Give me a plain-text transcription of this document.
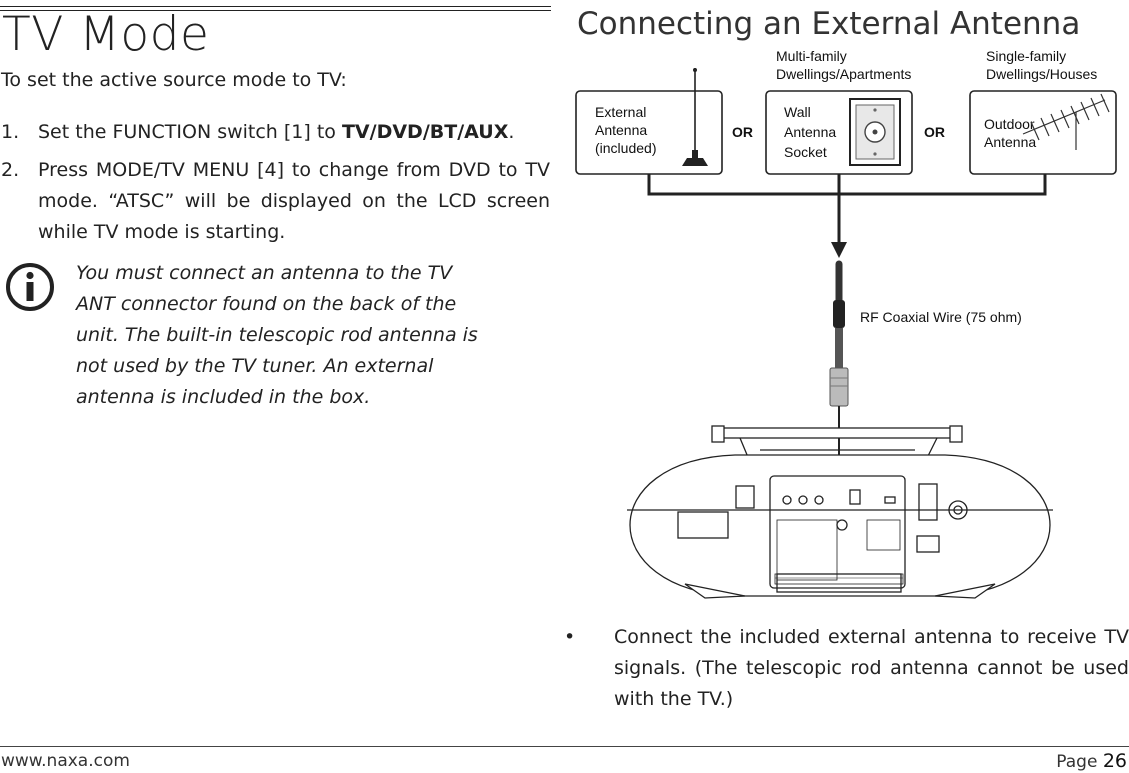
TV Mode
To set the active source mode to TV:
1. Set the FUNCTION switch [1] to TV/DVD/BT/AUX.
2. Press MODE/TV MENU [4] to change from DVD to TV mode. “ATSC” will be displayed on the LCD screen while TV mode is starting.
You must connect an antenna to the TV ANT connector found on the back of the unit. The built-in telescopic rod antenna is not used by the TV tuner. An external antenna is included in the box.
Connecting an External Antenna
Multi-family
Dwellings/Apartments
Single-family
Dwellings/Houses
External
Antenna
(included)
OR
Wall
Antenna
Socket
OR	Outdoor
Antenna
RF Coaxial Wire (75 ohm)
• Connect the included external antenna to receive TV signals. (The telescopic rod antenna cannot be used with the TV.)
www.naxa.com	Page 26
